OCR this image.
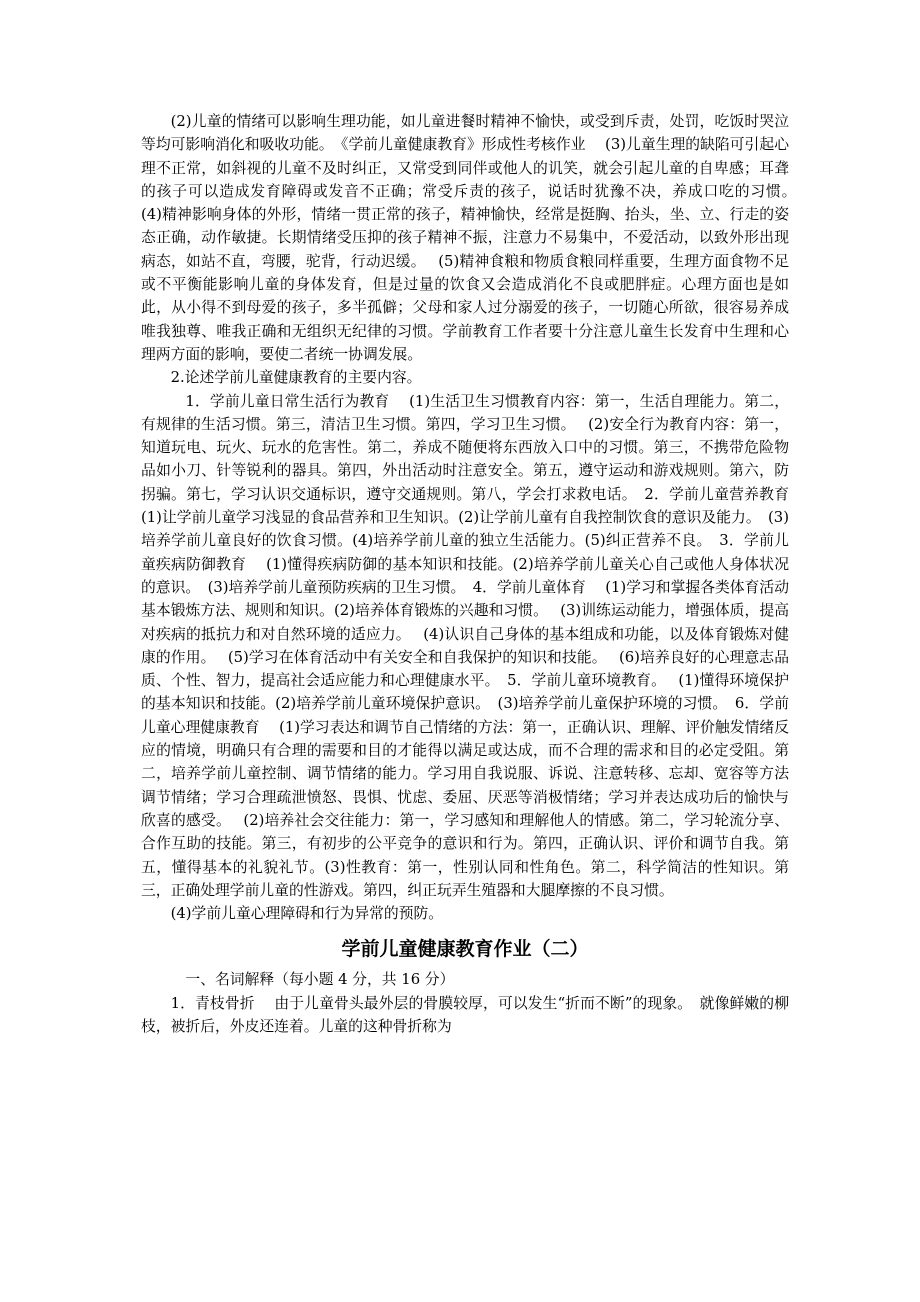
(2)儿童的情绪可以影响生理功能，如儿童进餐时精神不愉快，或受到斥责，处罚，吃饭时哭泣等均可影响消化和吸收功能。　《学前儿童健康教育》形成性考核作业　 (3)儿童生理的缺陷可引起心理不正常，如斜视的儿童不及时纠正，又常受到同伴或他人的讥笑，就会引起儿童的自卑感；耳聋的孩子可以造成发育障碍或发音不正确；常受斥责的孩子，说话时犹豫不决，养成口吃的习惯。　 (4)精神影响身体的外形，情绪一贯正常的孩子，精神愉快，经常是挺胸、抬头，坐、立、行走的姿态正确，动作敏捷。长期情绪受压抑的孩子精神不振，注意力不易集中，不爱活动，以致外形出现病态，如站不直，弯腰，驼背，行动迟缓。　 (5)精神食粮和物质食粮同样重要，生理方面食物不足或不平衡能影响儿童的身体发育，但是过量的饮食又会造成消化不良或肥胖症。心理方面也是如此，从小得不到母爱的孩子，多半孤僻；父母和家人过分溺爱的孩子，一切随心所欲，很容易养成唯我独尊、唯我正确和无组织无纪律的习惯。学前教育工作者要十分注意儿童生长发育中生理和心理两方面的影响，要使二者统一协调发展。

2.论述学前儿童健康教育的主要内容。

1．学前儿童日常生活行为教育　 (1)生活卫生习惯教育内容：第一，生活自理能力。第二，有规律的生活习惯。第三，清洁卫生习惯。第四，学习卫生习惯。　 (2)安全行为教育内容：第一，知道玩电、玩火、玩水的危害性。第二，养成不随便将东西放入口中的习惯。第三，不携带危险物品如小刀、针等锐利的器具。第四，外出活动时注意安全。第五，遵守运动和游戏规则。第六，防拐骗。第七，学习认识交通标识，遵守交通规则。第八，学会打求救电话。　2．学前儿童营养教育　 (1)让学前儿童学习浅显的食品营养和卫生知识。(2)让学前儿童有自我控制饮食的意识及能力。　(3)培养学前儿童良好的饮食习惯。(4)培养学前儿童的独立生活能力。(5)纠正营养不良。　3．学前儿童疾病防御教育　 (1)懂得疾病防御的基本知识和技能。(2)培养学前儿童关心自己或他人身体状况的意识。　(3)培养学前儿童预防疾病的卫生习惯。　4．学前儿童体育　 (1)学习和掌握各类体育活动基本锻炼方法、规则和知识。(2)培养体育锻炼的兴趣和习惯。　 (3)训练运动能力，增强体质，提高对疾病的抵抗力和对自然环境的适应力。　 (4)认识自己身体的基本组成和功能，以及体育锻炼对健康的作用。　 (5)学习在体育活动中有关安全和自我保护的知识和技能。　 (6)培养良好的心理意志品质、个性、智力，提高社会适应能力和心理健康水平。　5．学前儿童环境教育。　 (1)懂得环境保护的基本知识和技能。(2)培养学前儿童环境保护意识。　(3)培养学前儿童保护环境的习惯。　6．学前儿童心理健康教育　 (1)学习表达和调节自己情绪的方法：第一，正确认识、理解、评价触发情绪反应的情境，明确只有合理的需要和目的才能得以满足或达成，而不合理的需求和目的必定受阻。第二，培养学前儿童控制、调节情绪的能力。学习用自我说服、诉说、注意转移、忘却、宽容等方法调节情绪；学习合理疏泄愤怒、畏惧、忧虑、委屈、厌恶等消极情绪；学习并表达成功后的愉快与欣喜的感受。　 (2)培养社会交往能力：第一，学习感知和理解他人的情感。第二，学习轮流分享、合作互助的技能。第三，有初步的公平竞争的意识和行为。第四，正确认识、评价和调节自我。第五，懂得基本的礼貌礼节。(3)性教育：第一，性别认同和性角色。第二，科学简洁的性知识。第三，正确处理学前儿童的性游戏。第四，纠正玩弄生殖器和大腿摩擦的不良习惯。

(4)学前儿童心理障碍和行为异常的预防。

学前儿童健康教育作业（二）

一、名词解释（每小题 4 分，共 16 分）

1．青枝骨折　 由于儿童骨头最外层的骨膜较厚，可以发生“折而不断”的现象。　就像鲜嫩的柳枝，被折后，外皮还连着。儿童的这种骨折称为
